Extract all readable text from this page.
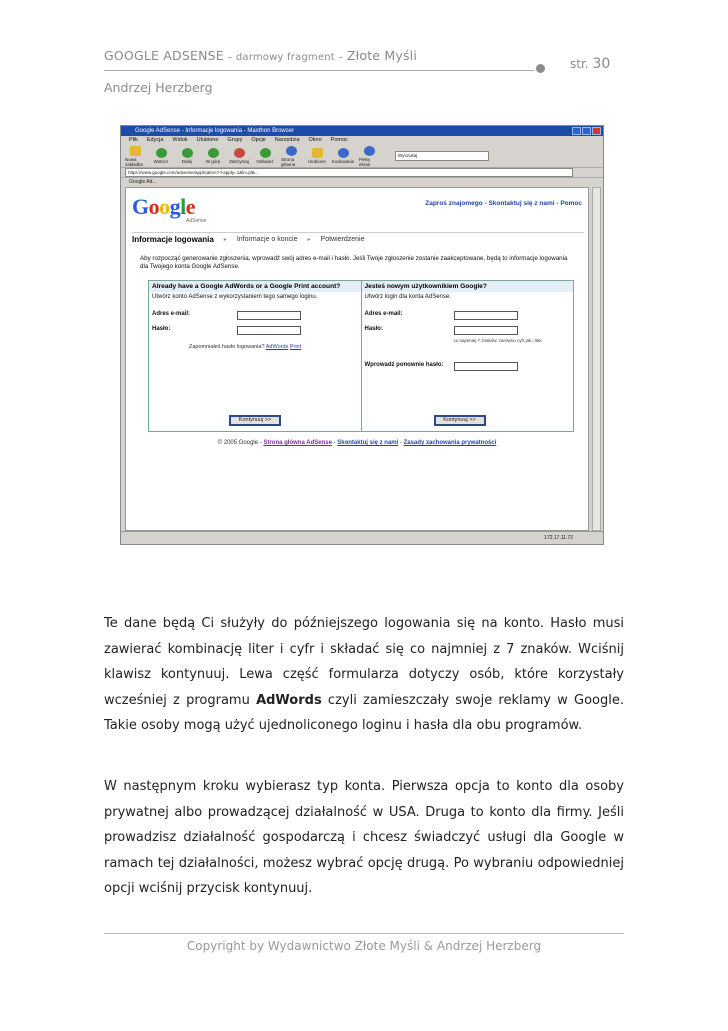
GOOGLE ADSENSE – darmowy fragment – Złote Myśli
str. 30
Andrzej Herzberg
Google AdSense - Informacje logowania - Maxthon Browser
Plik Edycja Widok Ulubione Grupy Opcje Narzędzia Okno Pomoc
Nowa zakładka	Wstecz	Dalej	W górę Zatrzymaj Odśwież Strona główna	Ulubione Kodowanie Pełny ekran
Wyszukaj
https://www.google.com/adsense/application?-f-apply=1&ln=pl&...
Google Ad...
Google
AdSense
Zaproś znajomego - Skontaktuj się z nami - Pomoc
Informacje logowania ▸ Informacje o koncie ▸ Potwierdzenie
Aby rozpocząć generowanie zgłoszenia, wprowadź swój adres e-mail i hasło. Jeśli Twoje zgłoszenie zostanie zaakceptowane, będą to informacje logowania dla Twojego konta Google AdSense.
Already have a Google AdWords or a Google Print account?
Utwórz konto AdSense z wykorzystaniem tego samego loginu.
Adres e-mail:
Hasło:
Zapomniałeś hasło logowania? AdWords Print
Kontynuuj >>
Jesteś nowym użytkownikiem Google?
Utwórz login dla konta AdSense.
Adres e-mail:
Hasło:
co najmniej 7 znaków, zarówno cyfr jak i liter
Wprowadź ponownie hasło:
Kontynuuj >>
© 2005 Google - Strona główna AdSense - Skontaktuj się z nami - Zasady zachowania prywatności
172.17.11.72
Te dane będą Ci służyły do późniejszego logowania się na konto. Hasło musi zawierać kombinację liter i cyfr i składać się co najmniej z 7 znaków. Wciśnij klawisz kontynuuj. Lewa część formularza dotyczy osób, które korzystały wcześniej z programu AdWords czyli zamieszczały swoje reklamy w Google. Takie osoby mogą użyć ujednoliconego loginu i hasła dla obu programów.
W następnym kroku wybierasz typ konta. Pierwsza opcja to konto dla osoby prywatnej albo prowadzącej działalność w USA. Druga to konto dla firmy. Jeśli prowadzisz działalność gospodarczą i chcesz świadczyć usługi dla Google w ramach tej działalności, możesz wybrać opcję drugą. Po wybraniu odpowiedniej opcji wciśnij przycisk kontynuuj.
Copyright by Wydawnictwo Złote Myśli & Andrzej Herzberg
